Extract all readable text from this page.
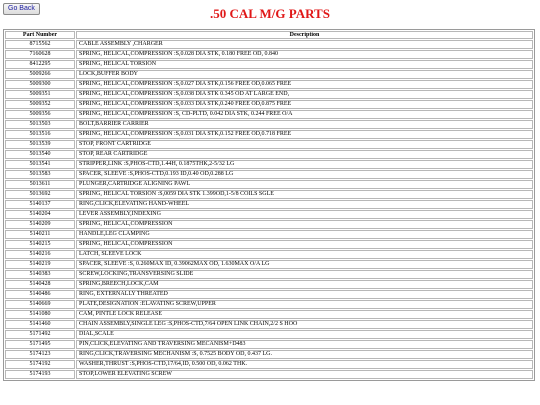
Go Back	.50 CAL M/G PARTS
Part Number	Description
8715562	CABLE ASSEMBLY ,CHARGER
7160628	SPRING, HELICAL,COMPRESSION :S,0.028 DIA STK, 0.180 FREE OD, 0.840
8412295	SPRING, HELICAL TORSION
5009266	LOCK,BUFFER BODY
5009300	SPRING, HELICAL,COMPRESSION :S,0.027 DIA STK,0.156 FREE OD,0.065 FREE
5009351	SPRING, HELICAL,COMPRESSION :S,0.038 DIA STK 0.345 OD AT LARGE END,
5009352	SPRING, HELICAL,COMPRESSION :S,0.033 DIA STK,0.240 FREE OD,0.875 FREE
5009356	SPRING, HELICAL,COMPRESSION :S, CD-PLTD, 0.042 DIA STK, 0.244 FREE O/A
5013503	BOLT,BARRIER CARRIER
5013516	SPRING, HELICAL,COMPRESSION :S,0.031 DIA STK,0.152 FREE OD,0.718 FREE
5013539	STOP, FRONT CARTRIDGE
5013540	STOP, REAR CARTRIDGE
5013541	STRIPPER,LINK :S,PHOS-CTD,1.44H, 0.1875THK,2-5/32 LG
5013583	SPACER, SLEEVE :S,PHOS-CTD,0.193 ID,0.40 OD,0.288 LG
5013611	PLUNGER,CARTRIDGE ALIGNING PAWL
5013692	SPRING, HELICAL TORSION :S,0059 DIA STK 1.399OD,1-5/8 COILS SGLE
5140137	RING,CLICK,ELEVATING HAND-WHEEL
5140204	LEVER ASSEMBLY,INDEXING
5140209	SPRING, HELICAL,COMPRESSION
5140211	HANDLE,LEG CLAMPING
5140215	SPRING, HELICAL,COMPRESSION
5140216	LATCH, SLEEVE LOCK
5140219	SPACER, SLEEVE :S, 0.260MAX ID, 0.39062MAX OD, 1.630MAX O/A LG
5140383	SCREW,LOCKING,TRANSVERSING SLIDE
5140428	SPRING,BREECH,LOCK,CAM
5140486	RING, EXTERNALLY THREATED
5140669	PLATE,DESIGNATION :ELAVATING SCREW,UPPER
5141080	CAM, PINTLE LOCK RELEASE
5141460	CHAIN ASSEMBLY,SINGLE LEG :S,PHOS-CTD,7/64 OPEN LINK CHAIN,2/2 S HOO
5171492	DIAL,SCALE
5171495	PIN,CLICK,ELEVATING AND TRAVERSING MECANISM+D483
5174123	RING,CLICK,TRAVERSING MECHANISM :S, 0.7525 BODY OD, 0.437 LG.
5174192	WASHER,THRUST :S,PHOS-CTD,17/64,ID, 0.500 OD, 0.062 THK.
5174193	STOP,LOWER ELEVATING SCREW
